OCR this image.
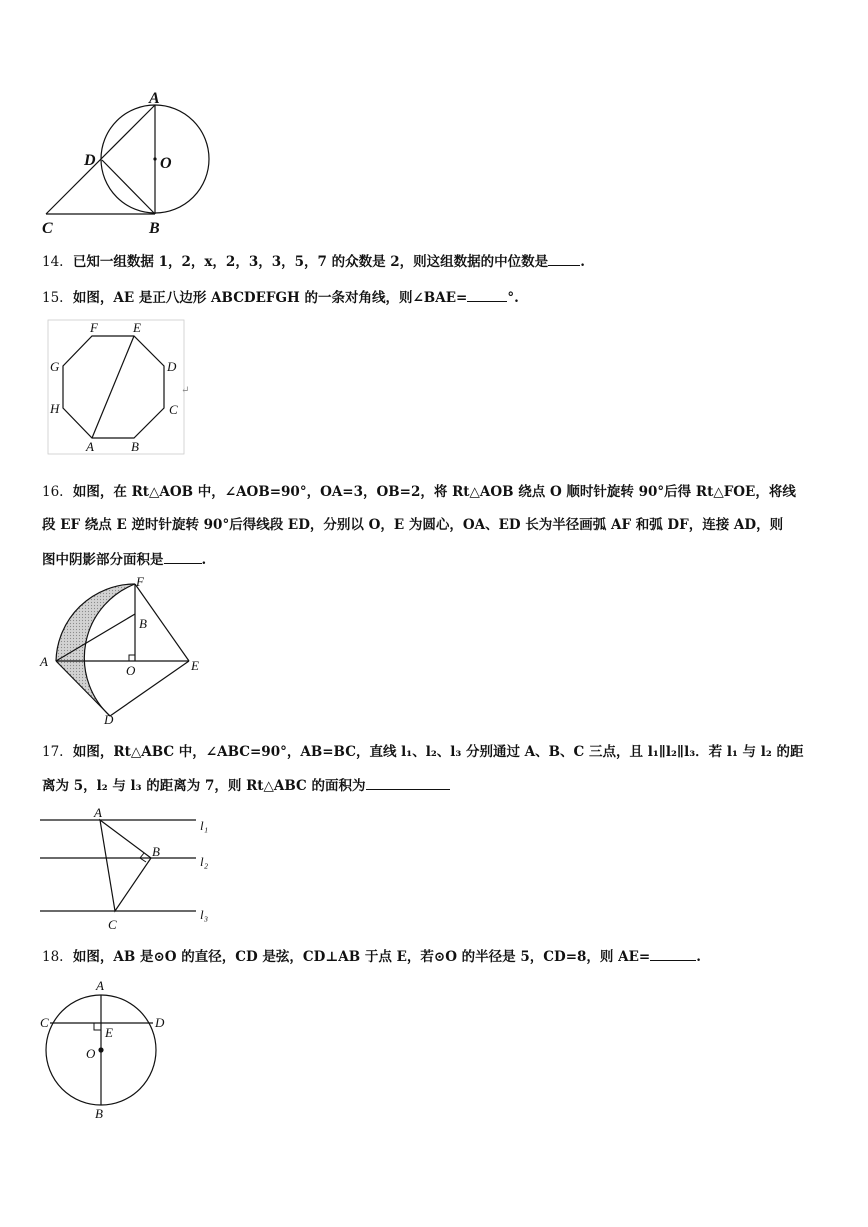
A
D	O
C	B
14. 已知一组数据 1，2，x，2，3，3，5，7 的众数是 2，则这组数据的中位数是 .
15. 如图，AE 是正八边形 ABCDEFGH 的一条对角线，则∠BAE=	°.
F	E
G	D
H	C
A	B
↵
16. 如图，在 Rt△AOB 中，∠AOB=90°，OA=3，OB=2，将 Rt△AOB 绕点 O 顺时针旋转 90°后得 Rt△FOE，将线
段 EF 绕点 E 逆时针旋转 90°后得线段 ED，分别以 O，E 为圆心，OA、ED 长为半径画弧 AF 和弧 DF，连接 AD，则
图中阴影部分面积是	.
F
B
A
O	E
D
17. 如图，Rt△ABC 中，∠ABC=90°，AB=BC，直线 l₁、l₂、l₃ 分别通过 A、B、C 三点，且 l₁∥l₂∥l₃．若 l₁ 与 l₂ 的距
离为 5，l₂ 与 l₃ 的距离为 7，则 Rt△ABC 的面积为
A
B
C
l₁
l₂
l₃
18. 如图，AB 是⊙O 的直径，CD 是弦，CD⊥AB 于点 E，若⊙O 的半径是 5，CD=8，则 AE=	.
A
C	D
E
O
B
